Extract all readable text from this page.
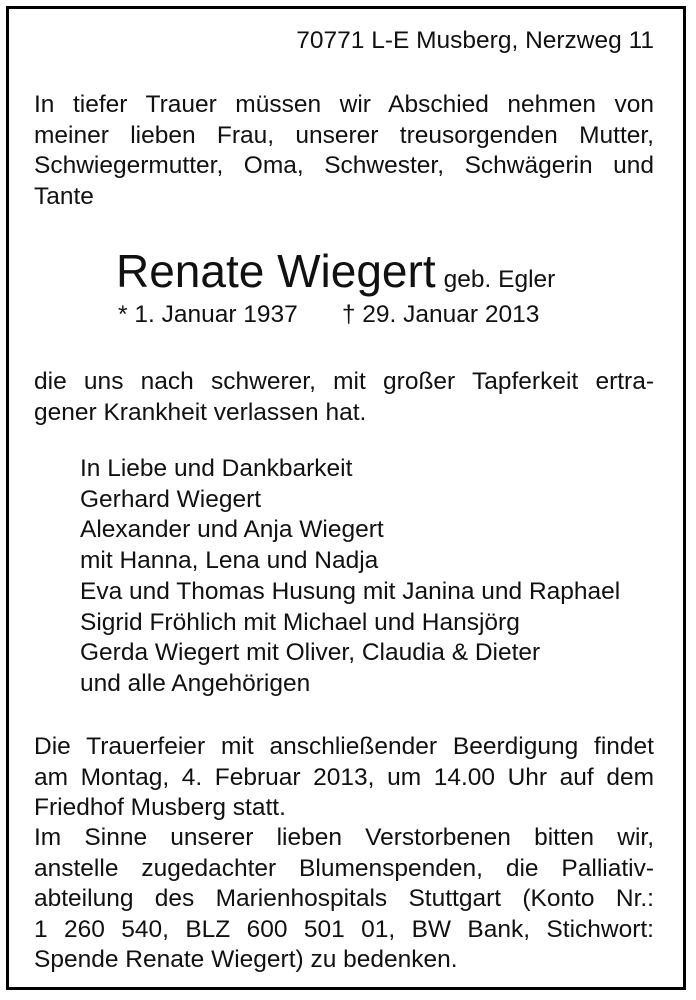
70771 L-E Musberg, Nerzweg 11
In tiefer Trauer müssen wir Abschied nehmen von
meiner lieben Frau, unserer treusorgenden Mutter,
Schwiegermutter, Oma, Schwester, Schwägerin und
Tante
Renate Wiegert geb. Egler
* 1. Januar 1937 † 29. Januar 2013
die uns nach schwerer, mit großer Tapferkeit ertra-
gener Krankheit verlassen hat.
In Liebe und Dankbarkeit
Gerhard Wiegert
Alexander und Anja Wiegert
mit Hanna, Lena und Nadja
Eva und Thomas Husung mit Janina und Raphael
Sigrid Fröhlich mit Michael und Hansjörg
Gerda Wiegert mit Oliver, Claudia & Dieter
und alle Angehörigen
Die Trauerfeier mit anschließender Beerdigung findet
am Montag, 4. Februar 2013, um 14.00 Uhr auf dem
Friedhof Musberg statt.
Im Sinne unserer lieben Verstorbenen bitten wir,
anstelle zugedachter Blumenspenden, die Palliativ-
abteilung des Marienhospitals Stuttgart (Konto Nr.:
1 260 540, BLZ 600 501 01, BW Bank, Stichwort:
Spende Renate Wiegert) zu bedenken.
